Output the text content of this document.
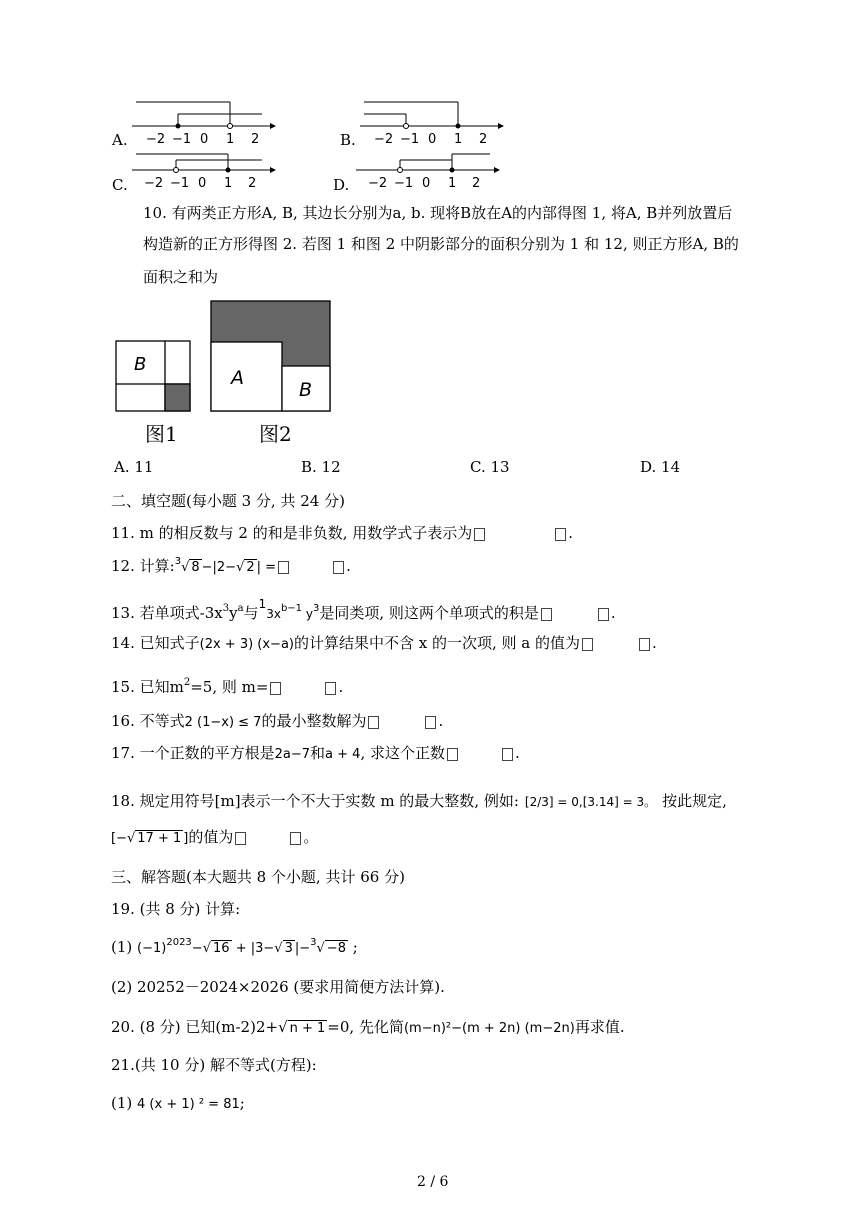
A. −2 −1 0 1 2	B. −2 −1 0 1 2
C. −2 −1 0 1 2	D. −2 −1 0 1 2
10. 有两类正方形A, B, 其边长分别为a, b. 现将B放在A的内部得图 1, 将A, B并列放置后
构造新的正方形得图 2. 若图 1 和图 2 中阴影部分的面积分别为 1 和 12, 则正方形A, B的
面积之和为
B
图1
A
B
图2
A. 11	B. 12	C. 13	D. 14
二、填空题(每小题 3 分, 共 24 分)
11. m 的相反数与 2 的和是非负数, 用数学式子表示为	.
12. 计算:$^3$√ 8 −|2−√ 2 | =	.
13. 若单项式$-3x^3y^a$与$^13x^{b-1}$ $y^3$是同类项, 则这两个单项式的积是	.
14. 已知式子(2x + 3) (x−a)的计算结果中不含 x 的一次项, 则 a 的值为	.
15. 已知$m^2=5$, 则 m=	.
16. 不等式2 (1−x) ≤ 7的最小整数解为	.
17. 一个正数的平方根是2a−7和a + 4, 求这个正数	.
18. 规定用符号[m]表示一个不大于实数 m 的最大整数, 例如: [2/3] = 0,[3.14] = 3。 按此规定,
[−√ 17 + 1 ]的值为	。
三、解答题(本大题共 8 个小题, 共计 66 分)
19. (共 8 分) 计算:
(1) $(-1)^{2023}-√$ 16 + |3−√ 3 |−$^3$√ −8 ;
(2) 20252－2024×2026 (要求用简便方法计算).
20. (8 分) 已知(m-2)2+√ n + 1 =0, 先化简(m−n)²−(m + 2n) (m−2n)再求值.
21.(共 10 分) 解不等式(方程):
(1) 4 (x + 1) ² = 81;
2 / 6
